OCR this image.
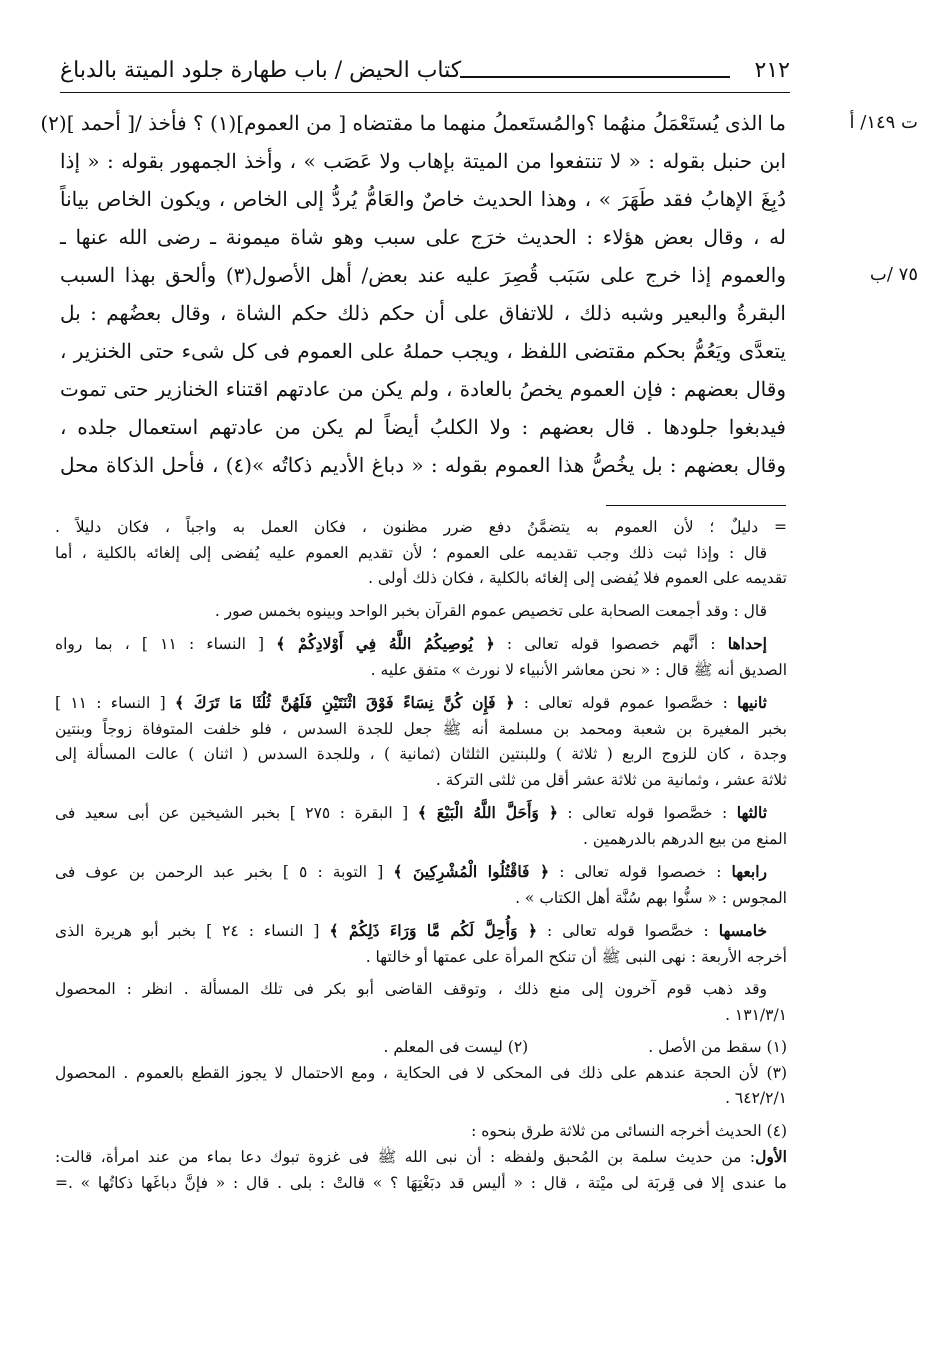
٢١٢
كتاب الحيض / باب طهارة جلود الميتة بالدباغ
ت ١٤٩/ أ
٧٥ /ب
ما الذى يُستَعْمَلُ منهُما ؟والمُستَعملُ منهما ما مقتضاه [ من العموم](١) ؟ فأخذ /[ أحمد ](٢)
ابن حنبل بقوله : « لا تنتفعوا من الميتة بإهاب ولا عَصَب » ، وأخذ الجمهور بقوله : « إذا
دُبِغَ الإهابُ فقد طَهَرَ » ، وهذا الحديث خاصٌ والعَامُّ يُردُّ إلى الخاص ، ويكون الخاص بياناً
له ، وقال بعض هؤلاء : الحديث خرَج على سبب وهو شاة ميمونة ـ رضى الله عنها ـ
والعموم إذا خرج على سَبَب قُصِرَ عليه عند بعض/ أهل الأصول(٣) وألحق بهذا السبب
البقرةُ والبعير وشبه ذلك ، للاتفاق على أن حكم ذلك حكم الشاة ، وقال بعضُهم : بل
يتعدَّى ويَعُمُّ بحكم مقتضى اللفظ ، ويجب حملهُ على العموم فى كل شىء حتى الخنزير ،
وقال بعضهم : فإن العموم يخصُ بالعادة ، ولم يكن من عادتهم اقتناء الخنازير حتى تموت
فيدبغوا جلودها . قال بعضهم : ولا الكلبُ أيضاً لم يكن من عادتهم استعمال جلده ،
وقال بعضهم : بل يخُصُّ هذا العموم بقوله : « دباغ الأديم ذكاتُه »(٤) ، فأحل الذكاة محل
= دليلٌ ؛ لأن العموم به يتضمَّنُ دفع ضرر مظنون ، فكان العمل به واجباً ، فكان دليلاً .
قال : وإذا ثبت ذلك وجب تقديمه على العموم ؛ لأن تقديم العموم عليه يُفضى إلى إلغائه بالكلية ، أما
تقديمه على العموم فلا يُفضى إلى إلغائه بالكلية ، فكان ذلك أولى .
قال : وقد أجمعت الصحابة على تخصيص عموم القرآن بخبر الواحد وبينوه بخمس صور .
إحداها : أنَّهم خصصوا قوله تعالى : ﴿ يُوصِيكُمُ اللَّهُ فِي أَوْلادِكُمْ ﴾ [ النساء : ١١ ] ، بما رواه
الصديق أنه ﷺ قال : « نحن معاشر الأنبياء لا نورث » متفق عليه .
ثانيها : خصَّصوا عموم قوله تعالى : ﴿ فَإِن كُنَّ نِسَاءً فَوْقَ اثْنَتَيْنِ فَلَهُنَّ ثُلُثَا مَا تَرَكَ ﴾ [ النساء : ١١ ]
بخبر المغيرة بن شعبة ومحمد بن مسلمة أنه ﷺ جعل للجدة السدس ، فلو خلفت المتوفاة زوجاً وبنتين
وجدة ، كان للزوج الربع ( ثلاثة ) وللبنتين الثلثان (ثمانية ) ، وللجدة السدس ( اثنان ) عالت المسألة إلى
ثلاثة عشر ، وثمانية من ثلاثة عشر أقل من ثلثى التركة .
ثالثها : خصَّصوا قوله تعالى : ﴿ وَأَحَلَّ اللَّهُ الْبَيْعَ ﴾ [ البقرة : ٢٧٥ ] بخبر الشيخين عن أبى سعيد فى
المنع من بيع الدرهم بالدرهمين .
رابعها : خصصوا قوله تعالى : ﴿ فَاقْتُلُوا الْمُشْرِكِينَ ﴾ [ التوبة : ٥ ] بخبر عبد الرحمن بن عوف فى
المجوس : « سنُّوا بهم سُنَّة أهل الكتاب » .
خامسها : خصَّصوا قوله تعالى : ﴿ وَأُحِلَّ لَكُم مَّا وَرَاءَ ذَلِكُمْ ﴾ [ النساء : ٢٤ ] بخبر أبو هريرة الذى
أخرجه الأربعة : نهى النبى ﷺ أن تنكح المرأة على عمتها أو خالتها .
وقد ذهب قوم آخرون إلى منع ذلك ، وتوقف القاضى أبو بكر فى تلك المسألة . انظر : المحصول
١٣١/٣/١ .
(١) سقط من الأصل .
(٢) ليست فى المعلم .
(٣) لأن الحجة عندهم على ذلك فى المحكى لا فى الحكاية ، ومع الاحتمال لا يجوز القطع بالعموم . المحصول
٦٤٢/٢/١ .
(٤) الحديث أخرجه النسائى من ثلاثة طرق بنحوه :
الأول: من حديث سلمة بن المُحبق ولفظه : أن نبى الله ﷺ فى غزوة تبوك دعا بماء من عند امرأة، قالت:
ما عندى إلا فى قِربَة لى ميْتة ، قال : « أليس قد دبَغْتِهَا ؟ » قالتْ : بلى . قال : « فإنَّ دباغَها ذكاتُها » .=
